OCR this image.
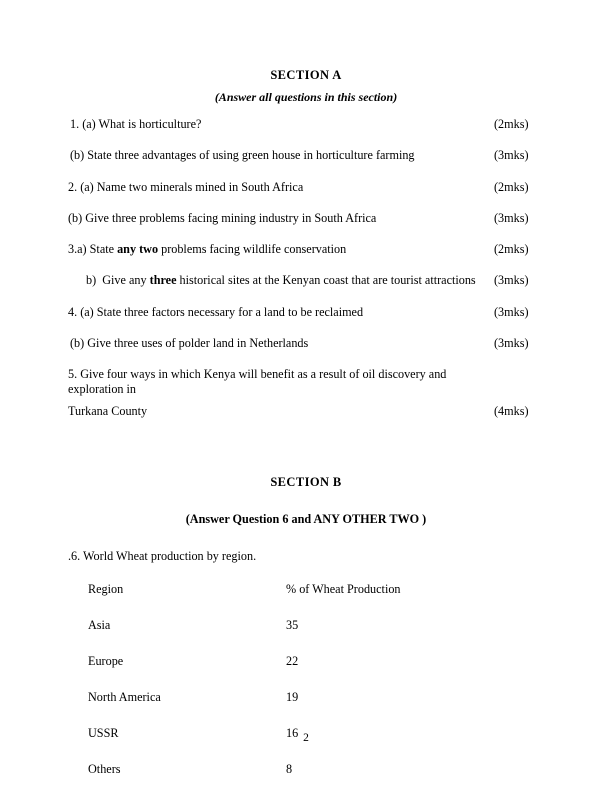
SECTION A
(Answer all questions in this section)
1. (a) What is horticulture?	(2mks)
(b) State three advantages of using green house in horticulture farming	(3mks)
2. (a) Name two minerals mined in South Africa	(2mks)
(b) Give three problems facing mining industry in South Africa	(3mks)
3.a) State any two problems facing wildlife conservation	(2mks)
b)  Give any three historical sites at the Kenyan coast that are tourist attractions	(3mks)
4. (a) State three factors necessary for a land to be reclaimed	(3mks)
(b) Give three uses of polder land in Netherlands	(3mks)
5. Give four ways in which Kenya will benefit as a result of oil discovery and exploration in
Turkana County	(4mks)
SECTION B
(Answer Question 6 and ANY OTHER TWO )
.6. World Wheat production by region.
Region	% of Wheat Production
Asia	35
Europe	22
North America	19
USSR	16
Others	8
2
